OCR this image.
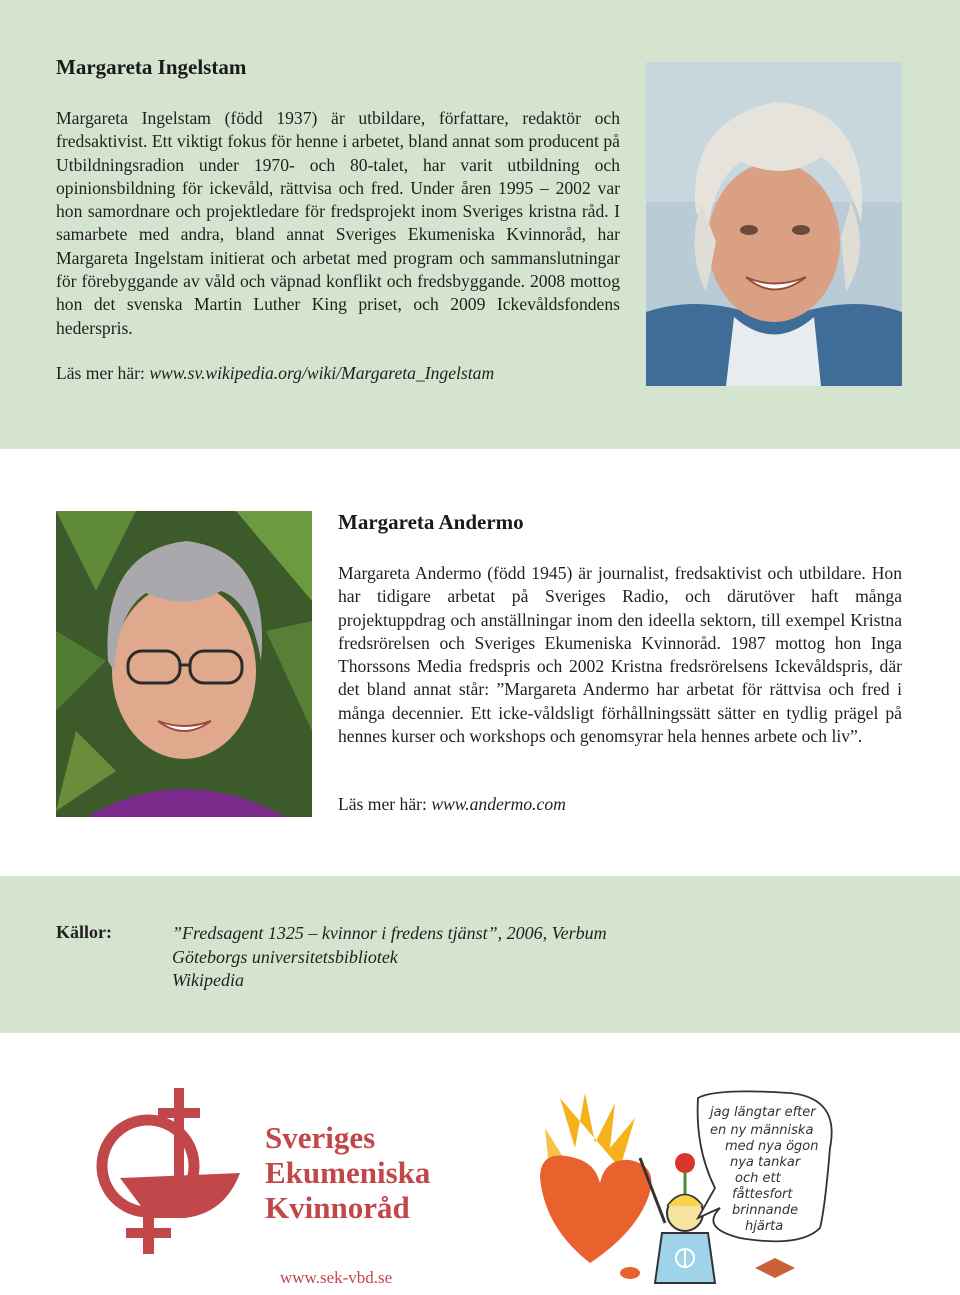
Margareta Ingelstam

Margareta Ingelstam (född 1937) är utbildare, författare, redaktör och fredsaktivist. Ett viktigt fokus för henne i arbetet, bland annat som producent på Utbildningsradion under 1970- och 80-talet, har varit utbildning och opinionsbildning för ickevåld, rättvisa och fred. Under åren 1995 – 2002 var hon samordnare och projektledare för fredsprojekt inom Sveriges kristna råd. I samarbete med andra, bland annat Sveriges Ekumeniska Kvinnoråd, har Margareta Ingelstam initierat och arbetat med program och sammanslutningar för förebyggande av våld och väpnad konflikt och fredsbyggande. 2008 mottog hon det svenska Martin Luther King priset, och 2009 Ickevåldsfondens hederspris.

Läs mer här: www.sv.wikipedia.org/wiki/Margareta_Ingelstam

Margareta Andermo

Margareta Andermo (född 1945) är journalist, fredsaktivist och utbildare. Hon har tidigare arbetat på Sveriges Radio, och därutöver haft många projektuppdrag och anställningar inom den ideella sektorn, till exempel Kristna fredsrörelsen och Sveriges Ekumeniska Kvinnoråd. 1987 mottog hon Inga Thorssons Media fredspris och 2002 Kristna fredsrörelsens Ickevåldspris, där det bland annat står: ”Margareta Andermo har arbetat för rättvisa och fred i många decennier. Ett icke-våldsligt förhållningssätt sätter en tydlig prägel på hennes kurser och workshops och genomsyrar hela hennes arbete och liv”.

Läs mer här: www.andermo.com

Källor:	”Fredsagent 1325 – kvinnor i fredens tjänst”, 2006, Verbum
Göteborgs universitetsbibliotek
Wikipedia
Sveriges
Ekumeniska
Kvinnoråd
www.sek-vbd.se
jag längtar efter
en ny människa
med nya ögon
nya tankar
och ett
fåttesfort
brinnande
hjärta
